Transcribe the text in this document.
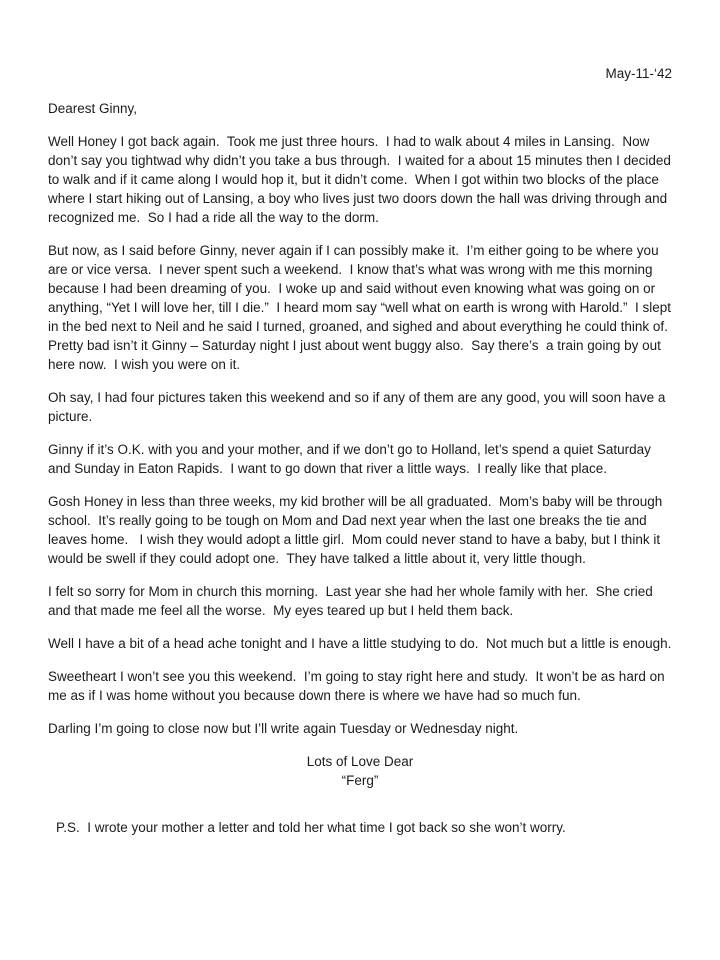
May-11-‘42
Dearest Ginny,

Well Honey I got back again.  Took me just three hours.  I had to walk about 4 miles in Lansing.  Now don’t say you tightwad why didn’t you take a bus through.  I waited for a about 15 minutes then I decided to walk and if it came along I would hop it, but it didn’t come.  When I got within two blocks of the place where I start hiking out of Lansing, a boy who lives just two doors down the hall was driving through and recognized me.  So I had a ride all the way to the dorm.

But now, as I said before Ginny, never again if I can possibly make it.  I’m either going to be where you are or vice versa.  I never spent such a weekend.  I know that’s what was wrong with me this morning because I had been dreaming of you.  I woke up and said without even knowing what was going on or anything, “Yet I will love her, till I die.”  I heard mom say “well what on earth is wrong with Harold.”  I slept in the bed next to Neil and he said I turned, groaned, and sighed and about everything he could think of.  Pretty bad isn’t it Ginny – Saturday night I just about went buggy also.  Say there’s  a train going by out here now.  I wish you were on it.

Oh say, I had four pictures taken this weekend and so if any of them are any good, you will soon have a picture.

Ginny if it’s O.K. with you and your mother, and if we don’t go to Holland, let’s spend a quiet Saturday and Sunday in Eaton Rapids.  I want to go down that river a little ways.  I really like that place.

Gosh Honey in less than three weeks, my kid brother will be all graduated.  Mom’s baby will be through school.  It’s really going to be tough on Mom and Dad next year when the last one breaks the tie and leaves home.   I wish they would adopt a little girl.  Mom could never stand to have a baby, but I think it would be swell if they could adopt one.  They have talked a little about it, very little though.

I felt so sorry for Mom in church this morning.  Last year she had her whole family with her.  She cried and that made me feel all the worse.  My eyes teared up but I held them back.

Well I have a bit of a head ache tonight and I have a little studying to do.  Not much but a little is enough.

Sweetheart I won’t see you this weekend.  I’m going to stay right here and study.  It won’t be as hard on me as if I was home without you because down there is where we have had so much fun.

Darling I’m going to close now but I’ll write again Tuesday or Wednesday night.

Lots of Love Dear

“Ferg”

P.S.  I wrote your mother a letter and told her what time I got back so she won’t worry.
